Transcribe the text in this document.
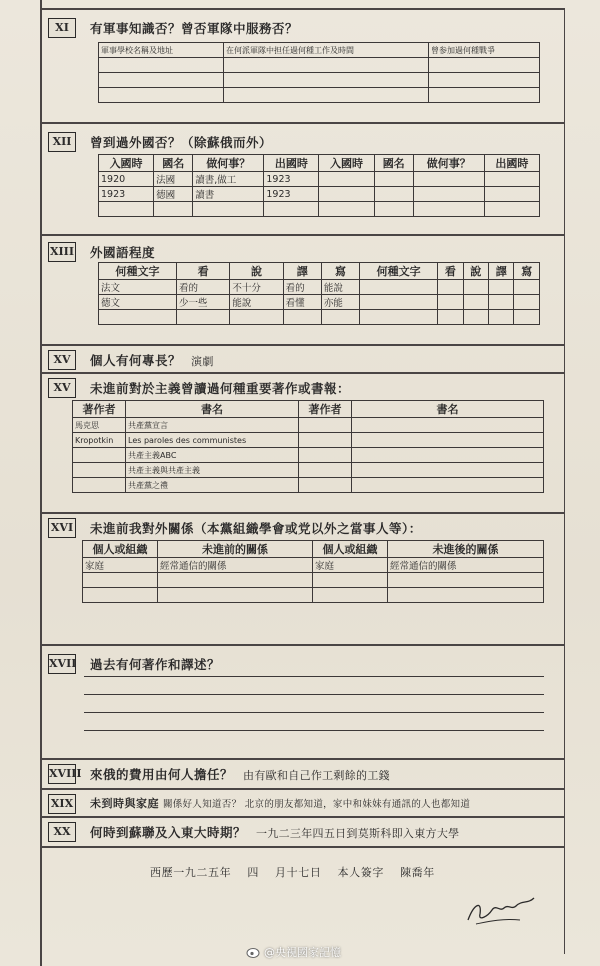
XI	有軍事知識否？曾否軍隊中服務否？
軍事學校名稱及地址	在何派軍隊中担任過何種工作及時間	曾参加過何種戰爭

XII	曾到過外國否？（除蘇俄而外）
入國時	國名	做何事？	出國時	入國時	國名	做何事？	出國時
1920	法國	讀書,做工	1923				
1923	德國	讀書	1923				

XIII 外國語程度
何種文字	看	說	譯	寫	何種文字	看	說	譯	寫
法文	看的	不十分	看的	能說					
德文	少一些	能說	看懂	亦能					

XV	個人有何專長？ 演劇
XV	未進前對於主義曾讀過何種重要著作或書報：
著作者	書名	著作者	書名
馬克思	共產黨宣言		
Kropotkin	Les paroles des communistes		
	共產主義ABC		
	共產主義與共產主義		
	共產黨之禮		
XVI 未進前我對外關係（本黨組織學會或党以外之當事人等）：
個人或組織	未進前的關係	個人或組織	未進後的關係
家庭	經常通信的關係	家庭	經常通信的關係

XVII 過去有何著作和譯述？
XVIII 來俄的費用由何人擔任？ 由有歐和自己作工剩餘的工錢
XIX 未到時與家庭 關係好人知道否？ 北京的朋友都知道，家中和妹妹有通訊的人也都知道
XX	何時到蘇聯及入東大時期？ 一九二三年四五日到莫斯科即入東方大學
西歷一九二五年 四 月十七日 本人簽字 陳喬年
@央視國家記憶
